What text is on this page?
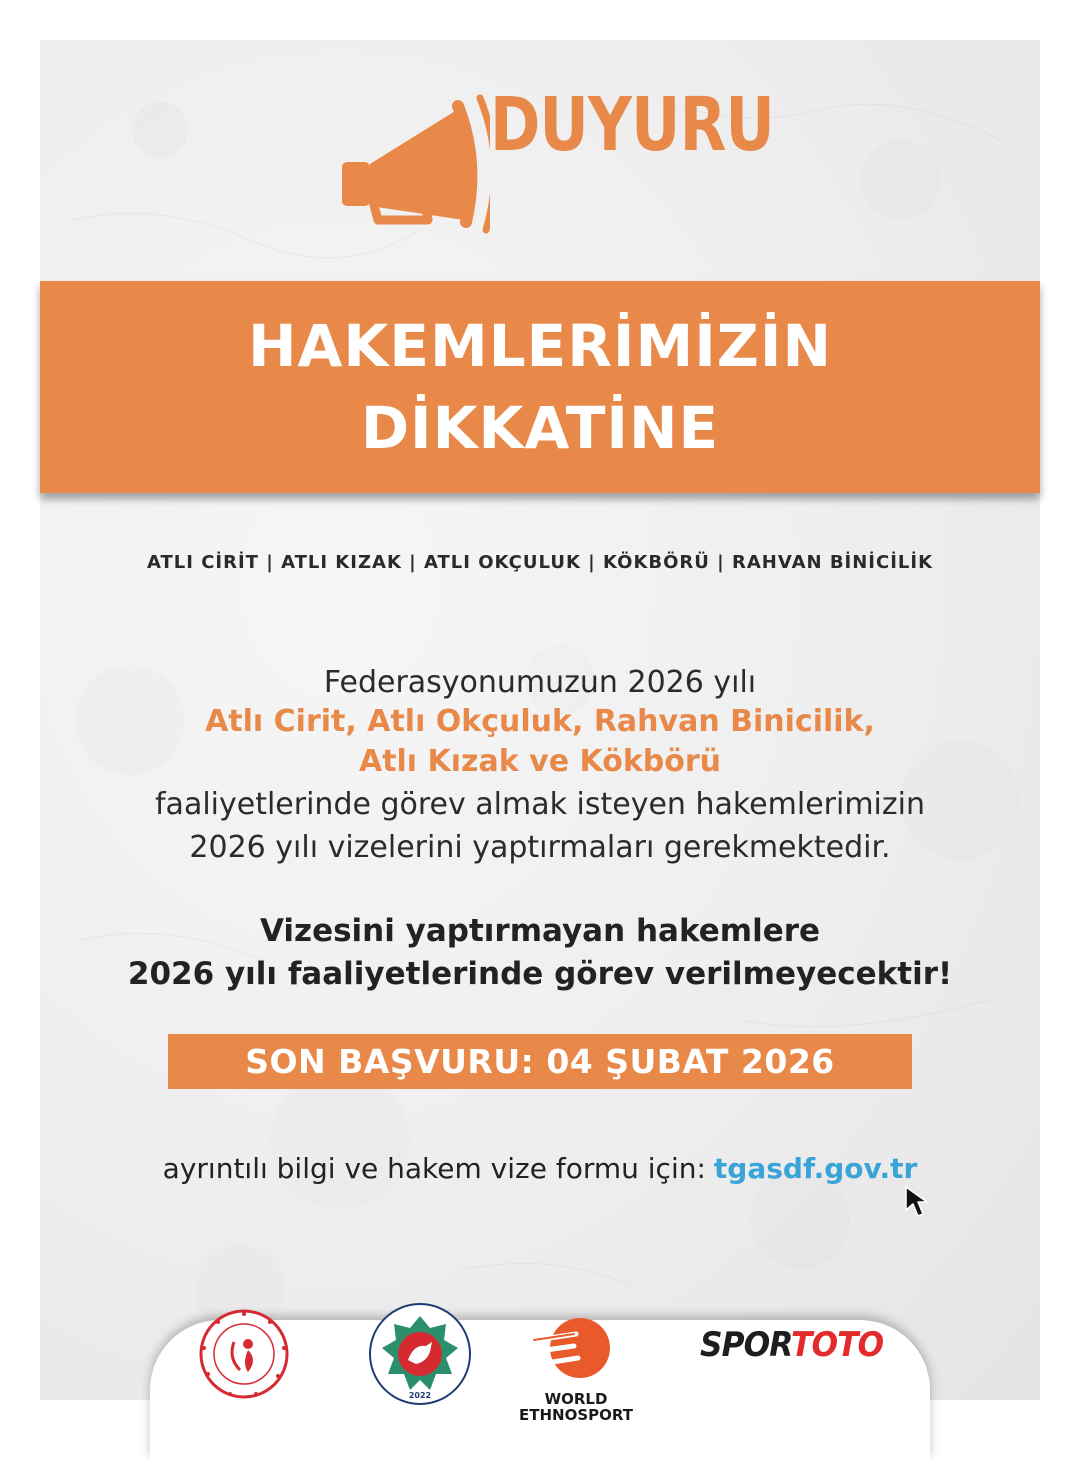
DUYURU
HAKEMLERİMİZİN
DİKKATİNE
ATLI CİRİT | ATLI KIZAK | ATLI OKÇULUK | KÖKBÖRÜ | RAHVAN BİNİCİLİK
Federasyonumuzun 2026 yılı
Atlı Cirit, Atlı Okçuluk, Rahvan Binicilik,
Atlı Kızak ve Kökbörü
faaliyetlerinde görev almak isteyen hakemlerimizin
2026 yılı vizelerini yaptırmaları gerekmektedir.
Vizesini yaptırmayan hakemlere
2026 yılı faaliyetlerinde görev verilmeyecektir!
SON BAŞVURU: 04 ŞUBAT 2026
ayrıntılı bilgi ve hakem vize formu için: tgasdf.gov.tr
2022	WORLD
ETHNOSPORT
SPORTOTO
